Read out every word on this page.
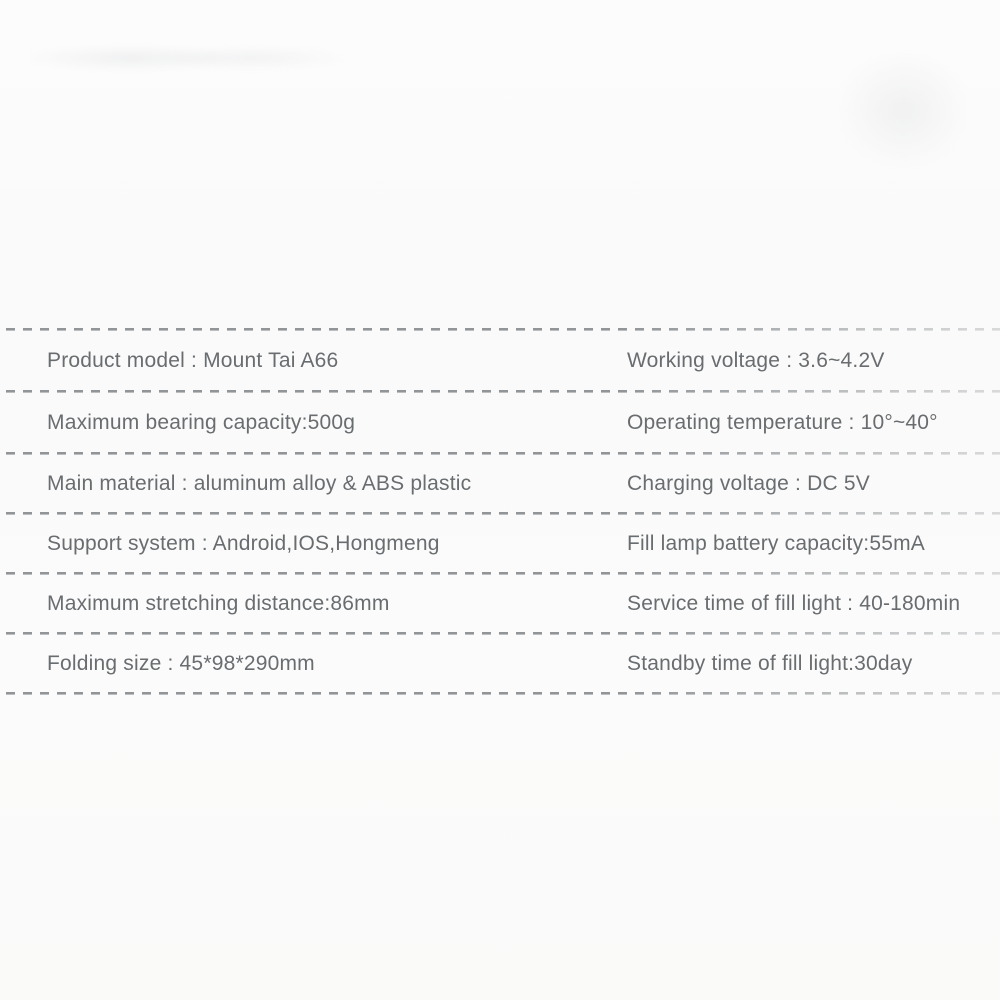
Product model : Mount Tai A66	Working voltage : 3.6~4.2V
Maximum bearing capacity:500g	Operating temperature : 10°~40°
Main material : aluminum alloy & ABS plastic	Charging voltage : DC 5V
Support system : Android,IOS,Hongmeng	Fill lamp battery capacity:55mA
Maximum stretching distance:86mm	Service time of fill light : 40-180min
Folding size : 45*98*290mm	Standby time of fill light:30day
